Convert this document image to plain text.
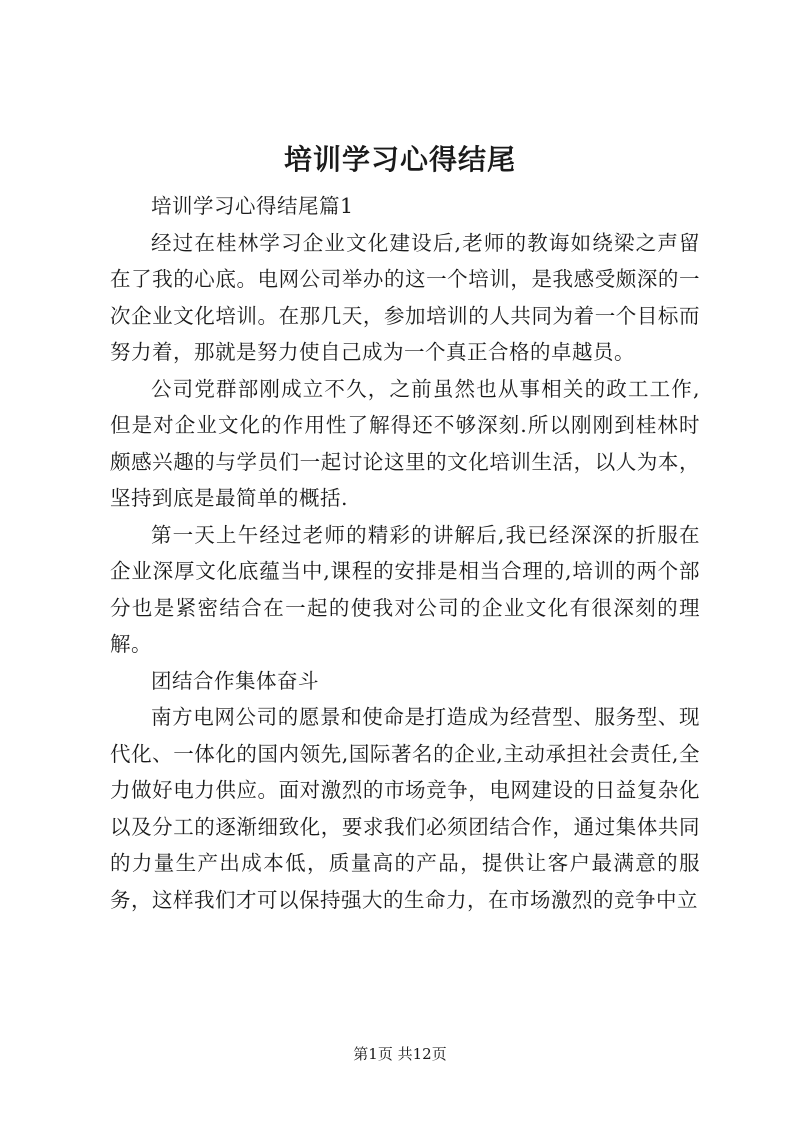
培训学习心得结尾

培训学习心得结尾篇1

经过在桂林学习企业文化建设后,老师的教诲如绕梁之声留在了我的心底。电网公司举办的这一个培训，是我感受颇深的一次企业文化培训。在那几天，参加培训的人共同为着一个目标而努力着，那就是努力使自己成为一个真正合格的卓越员。

公司党群部刚成立不久，之前虽然也从事相关的政工工作,但是对企业文化的作用性了解得还不够深刻.所以刚刚到桂林时颇感兴趣的与学员们一起讨论这里的文化培训生活，以人为本，坚持到底是最简单的概括.

第一天上午经过老师的精彩的讲解后,我已经深深的折服在企业深厚文化底蕴当中,课程的安排是相当合理的,培训的两个部分也是紧密结合在一起的使我对公司的企业文化有很深刻的理解。

团结合作集体奋斗

南方电网公司的愿景和使命是打造成为经营型、服务型、现代化、一体化的国内领先,国际著名的企业,主动承担社会责任,全力做好电力供应。面对激烈的市场竞争，电网建设的日益复杂化以及分工的逐渐细致化，要求我们必须团结合作，通过集体共同的力量生产出成本低，质量高的产品，提供让客户最满意的服务，这样我们才可以保持强大的生命力，在市场激烈的竞争中立

第1页 共12页
